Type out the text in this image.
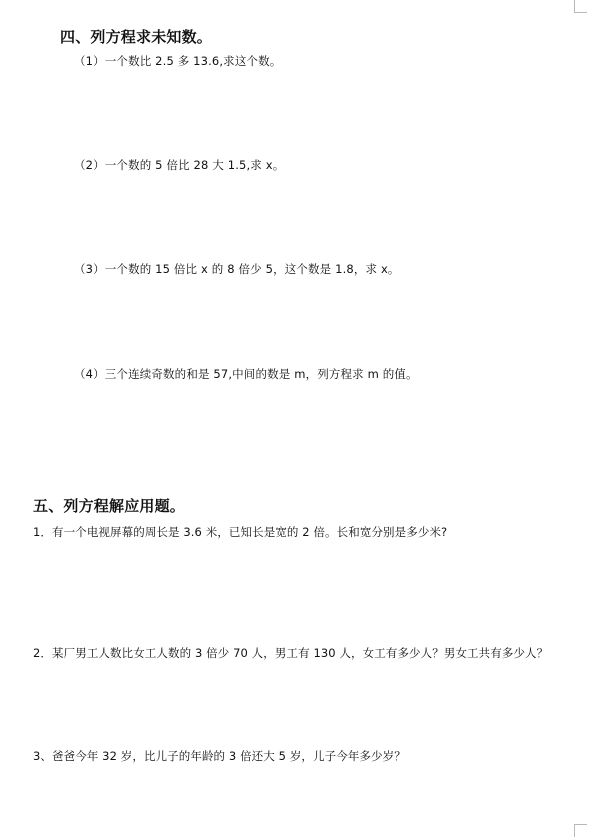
四、列方程求未知数。
（1）一个数比 2.5 多 13.6,求这个数。
（2）一个数的 5 倍比 28 大 1.5,求 x。
（3）一个数的 15 倍比 x 的 8 倍少 5，这个数是 1.8，求 x。
（4）三个连续奇数的和是 57,中间的数是 m，列方程求 m 的值。
五、列方程解应用题。
1．有一个电视屏幕的周长是 3.6 米，已知长是宽的 2 倍。长和宽分别是多少米?
2．某厂男工人数比女工人数的 3 倍少 70 人，男工有 130 人，女工有多少人？男女工共有多少人？
3、爸爸今年 32 岁，比儿子的年龄的 3 倍还大 5 岁，儿子今年多少岁？
